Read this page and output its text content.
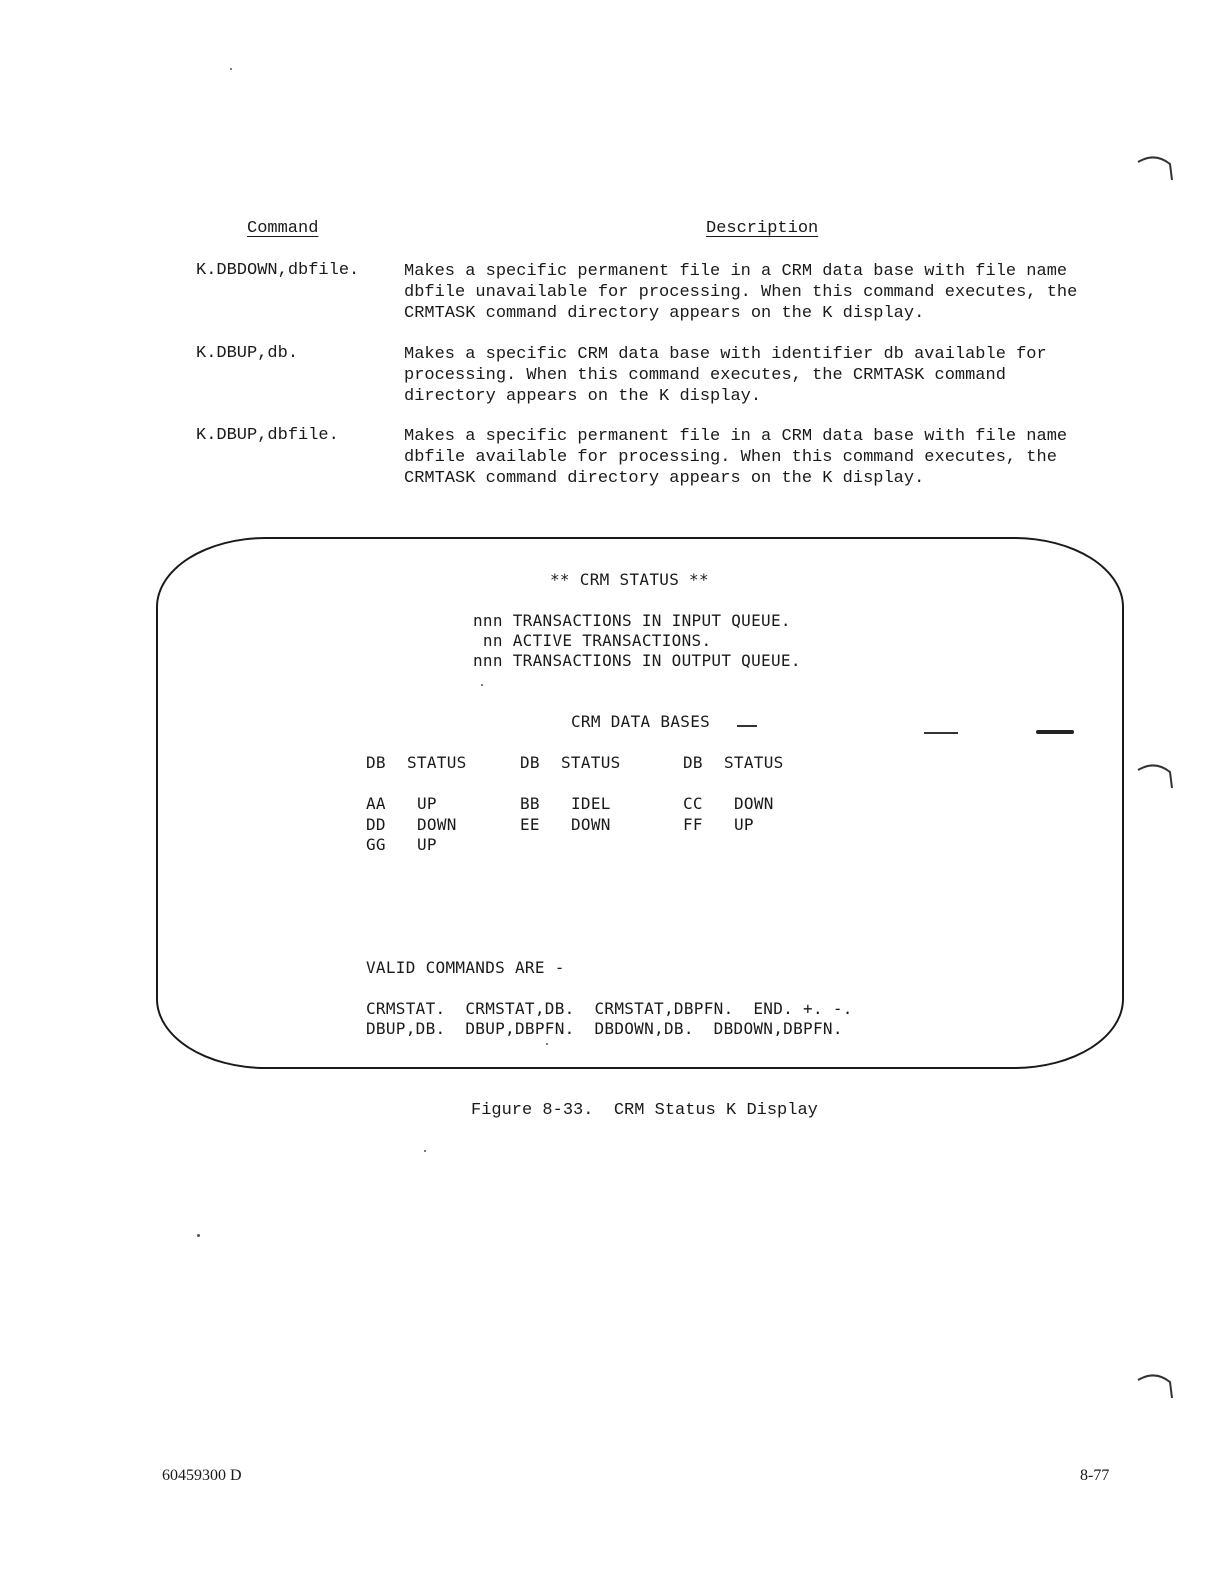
Command	Description
K.DBDOWN,dbfile.	Makes a specific permanent file in a CRM data base with file name
dbfile unavailable for processing. When this command executes, the
CRMTASK command directory appears on the K display.
K.DBUP,db.	Makes a specific CRM data base with identifier db available for
processing. When this command executes, the CRMTASK command
directory appears on the K display.
K.DBUP,dbfile.	Makes a specific permanent file in a CRM data base with file name
dbfile available for processing. When this command executes, the
CRMTASK command directory appears on the K display.
** CRM STATUS **
nnn TRANSACTIONS IN INPUT QUEUE.
nn ACTIVE TRANSACTIONS.
nnn TRANSACTIONS IN OUTPUT QUEUE.
CRM DATA BASES
DB STATUS	DB STATUS	DB STATUS
AA UP	BB IDEL	CC DOWN
DD DOWN	EE DOWN	FF UP
GG UP
VALID COMMANDS ARE -
CRMSTAT.  CRMSTAT,DB.  CRMSTAT,DBPFN.  END. +. -.
DBUP,DB.  DBUP,DBPFN.  DBDOWN,DB.  DBDOWN,DBPFN.
Figure 8-33.  CRM Status K Display
60459300 D	8-77
